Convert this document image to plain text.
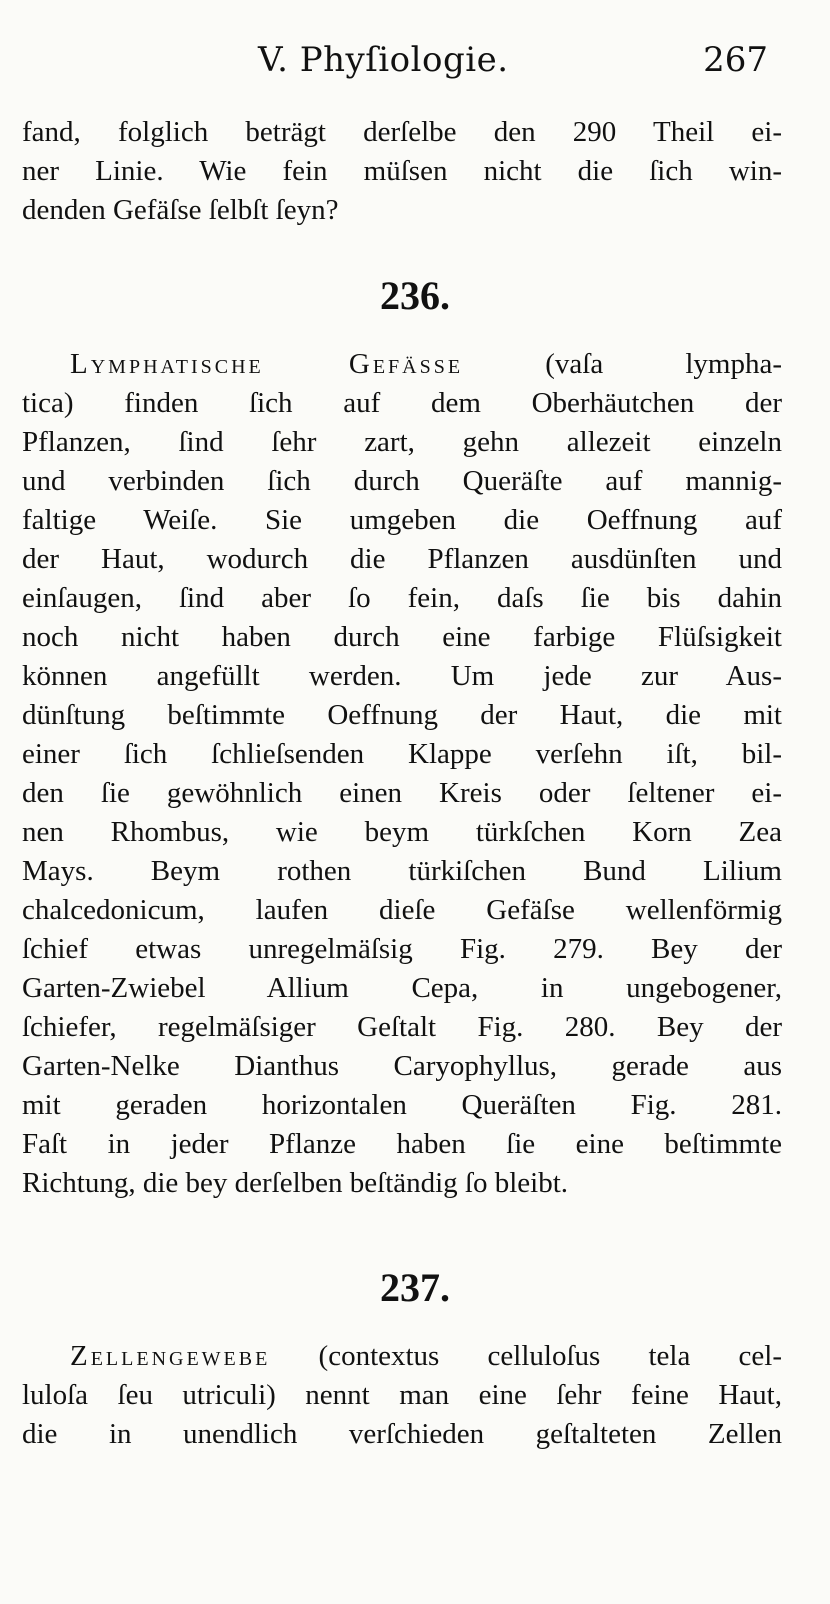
V. Phyſiologie.	267
fand, folglich beträgt derſelbe den 290 Theil ei-
ner Linie. Wie fein müſsen nicht die ſich win-
denden Gefäſse ſelbſt ſeyn?
236.
Lymphatische Gefässe	(vaſa lympha-
tica) finden ſich auf dem Oberhäutchen der
Pflanzen, ſind ſehr zart, gehn allezeit einzeln
und verbinden ſich durch Queräſte auf mannig-
faltige Weiſe. Sie umgeben die Oeffnung auf
der Haut, wodurch die Pflanzen ausdünſten und
einſaugen, ſind aber ſo fein, daſs ſie bis dahin
noch nicht haben durch eine farbige Flüſsigkeit
können angefüllt werden. Um jede zur Aus-
dünſtung beſtimmte Oeffnung der Haut, die mit
einer ſich ſchlieſsenden Klappe verſehn iſt, bil-
den ſie gewöhnlich einen Kreis oder ſeltener ei-
nen Rhombus, wie beym türkſchen Korn Zea
Mays. Beym rothen türkiſchen Bund Lilium
chalcedonicum, laufen dieſe Gefäſse wellenförmig
ſchief etwas unregelmäſsig Fig. 279. Bey der
Garten-Zwiebel Allium Cepa, in ungebogener,
ſchiefer, regelmäſsiger Geſtalt Fig. 280. Bey der
Garten-Nelke Dianthus Caryophyllus, gerade aus
mit geraden horizontalen Queräſten Fig. 281.
Faſt in jeder Pflanze haben ſie eine beſtimmte
Richtung, die bey derſelben beſtändig ſo bleibt.
237.
Zellengewebe (contextus celluloſus tela cel-
luloſa ſeu utriculi) nennt man eine ſehr feine Haut,
die in unendlich verſchieden geſtalteten Zellen
